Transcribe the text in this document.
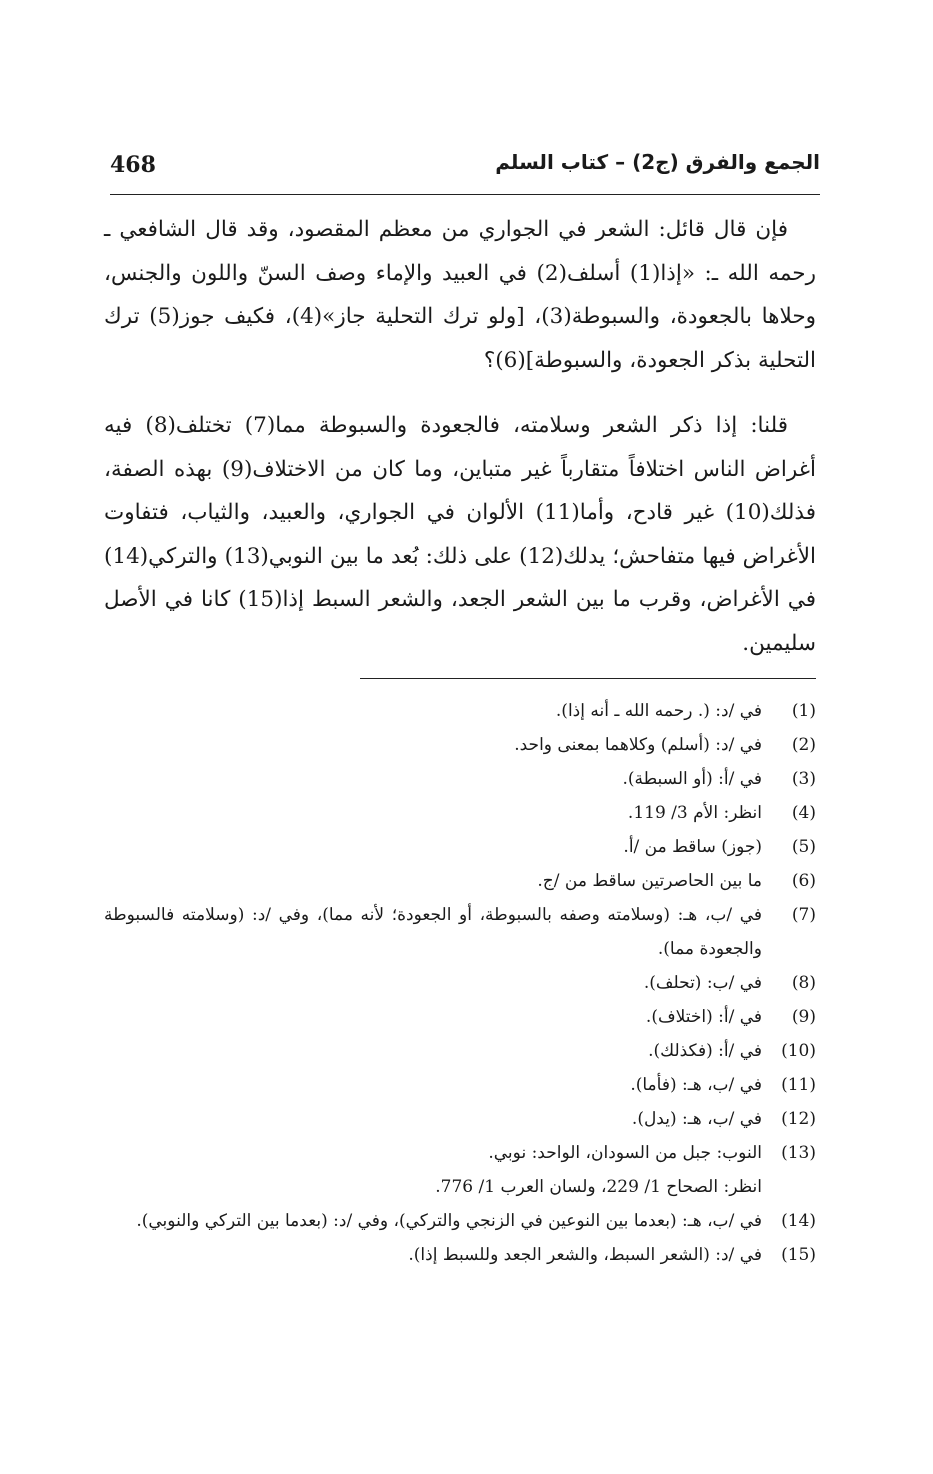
468	الجمع والفرق (ج2) – كتاب السلم

فإن قال قائل: الشعر في الجواري من معظم المقصود، وقد قال الشافعي ـ رحمه الله ـ: «إذا(1) أسلف(2) في العبيد والإماء وصف السنّ واللون والجنس، وحلاها بالجعودة، والسبوطة(3)، [ولو ترك التحلية جاز»(4)، فكيف جوز(5) ترك التحلية بذكر الجعودة، والسبوطة](6)؟

قلنا: إذا ذكر الشعر وسلامته، فالجعودة والسبوطة مما(7) تختلف(8) فيه أغراض الناس اختلافاً متقارباً غير متباين، وما كان من الاختلاف(9) بهذه الصفة، فذلك(10) غير قادح، وأما(11) الألوان في الجواري، والعبيد، والثياب، فتفاوت الأغراض فيها متفاحش؛ يدلك(12) على ذلك: بُعد ما بين النوبي(13) والتركي(14) في الأغراض، وقرب ما بين الشعر الجعد، والشعر السبط إذا(15) كانا في الأصل سليمين.

(1)
في /د: (. رحمه الله ـ أنه إذا).
(2)
في /د: (أسلم) وكلاهما بمعنى واحد.
(3)
في /أ: (أو السبطة).
(4)
انظر: الأم 3/ 119.
(5)
(جوز) ساقط من /أ.
(6)
ما بين الحاصرتين ساقط من /ج.
(7)
في /ب، هـ: (وسلامته وصفه بالسبوطة، أو الجعودة؛ لأنه مما)، وفي /د: (وسلامته فالسبوطة والجعودة مما).
(8)
في /ب: (تحلف).
(9)
في /أ: (اختلاف).
(10)
في /أ: (فكذلك).
(11)
في /ب، هـ: (فأما).
(12)
في /ب، هـ: (يدل).
(13)
النوب: جبل من السودان، الواحد: نوبي.
انظر: الصحاح 1/ 229، ولسان العرب 1/ 776.
(14)
في /ب، هـ: (بعدما بين النوعين في الزنجي والتركي)، وفي /د: (بعدما بين التركي والنوبي).
(15)
في /د: (الشعر السبط، والشعر الجعد وللسبط إذا).
